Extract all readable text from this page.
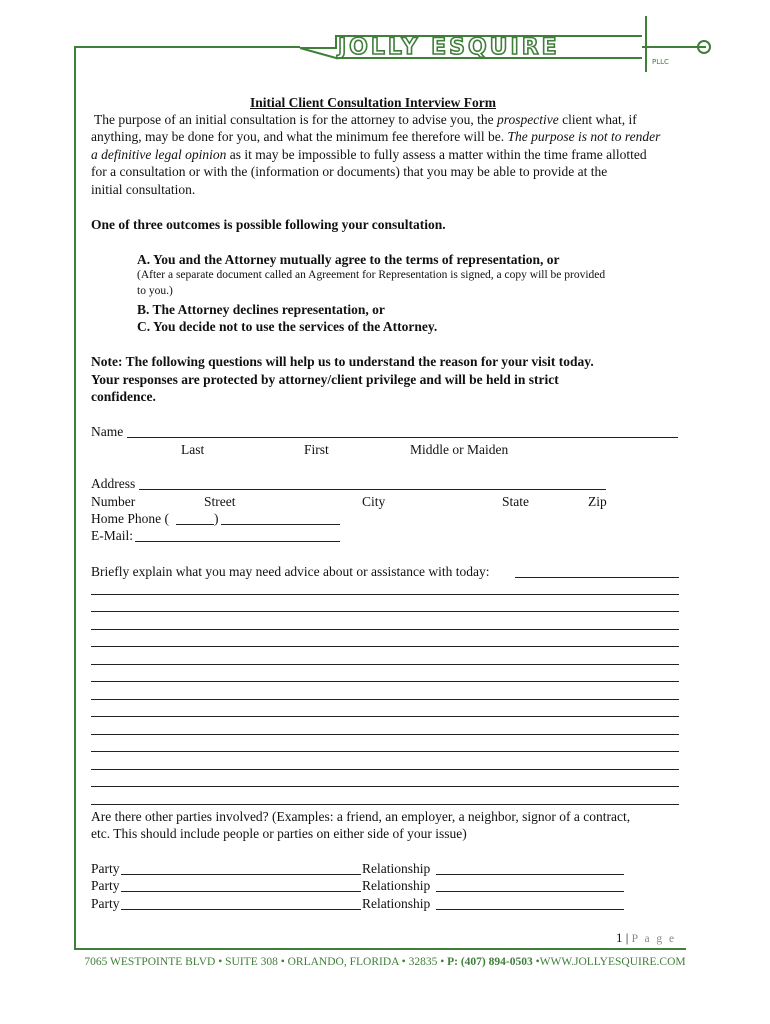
JOLLY ESQUIRE
PLLC
Initial Client Consultation Interview Form
The purpose of an initial consultation is for the attorney to advise you, the prospective client what, if
anything, may be done for you, and what the minimum fee therefore will be. The purpose is not to render
a definitive legal opinion as it may be impossible to fully assess a matter within the time frame allotted
for a consultation or with the (information or documents) that you may be able to provide at the
initial consultation.
One of three outcomes is possible following your consultation.
A. You and the Attorney mutually agree to the terms of representation, or
(After a separate document called an Agreement for Representation is signed, a copy will be provided
to you.)
B. The Attorney declines representation, or
C. You decide not to use the services of the Attorney.
Note: The following questions will help us to understand the reason for your visit today.
Your responses are protected by attorney/client privilege and will be held in strict
confidence.
Name
Last	First	Middle or Maiden
Address
Number	Street	City	State	Zip
Home Phone (	)
E-Mail:
Briefly explain what you may need advice about or assistance with today:
Are there other parties involved? (Examples: a friend, an employer, a neighbor, signor of a contract,
etc. This should include people or parties on either side of your issue)
Party	Relationship
Party	Relationship
Party	Relationship
1 | P a g e
7065 WESTPOINTE BLVD • SUITE 308 • ORLANDO, FLORIDA • 32835 • P: (407) 894-0503 •WWW.JOLLYESQUIRE.COM
